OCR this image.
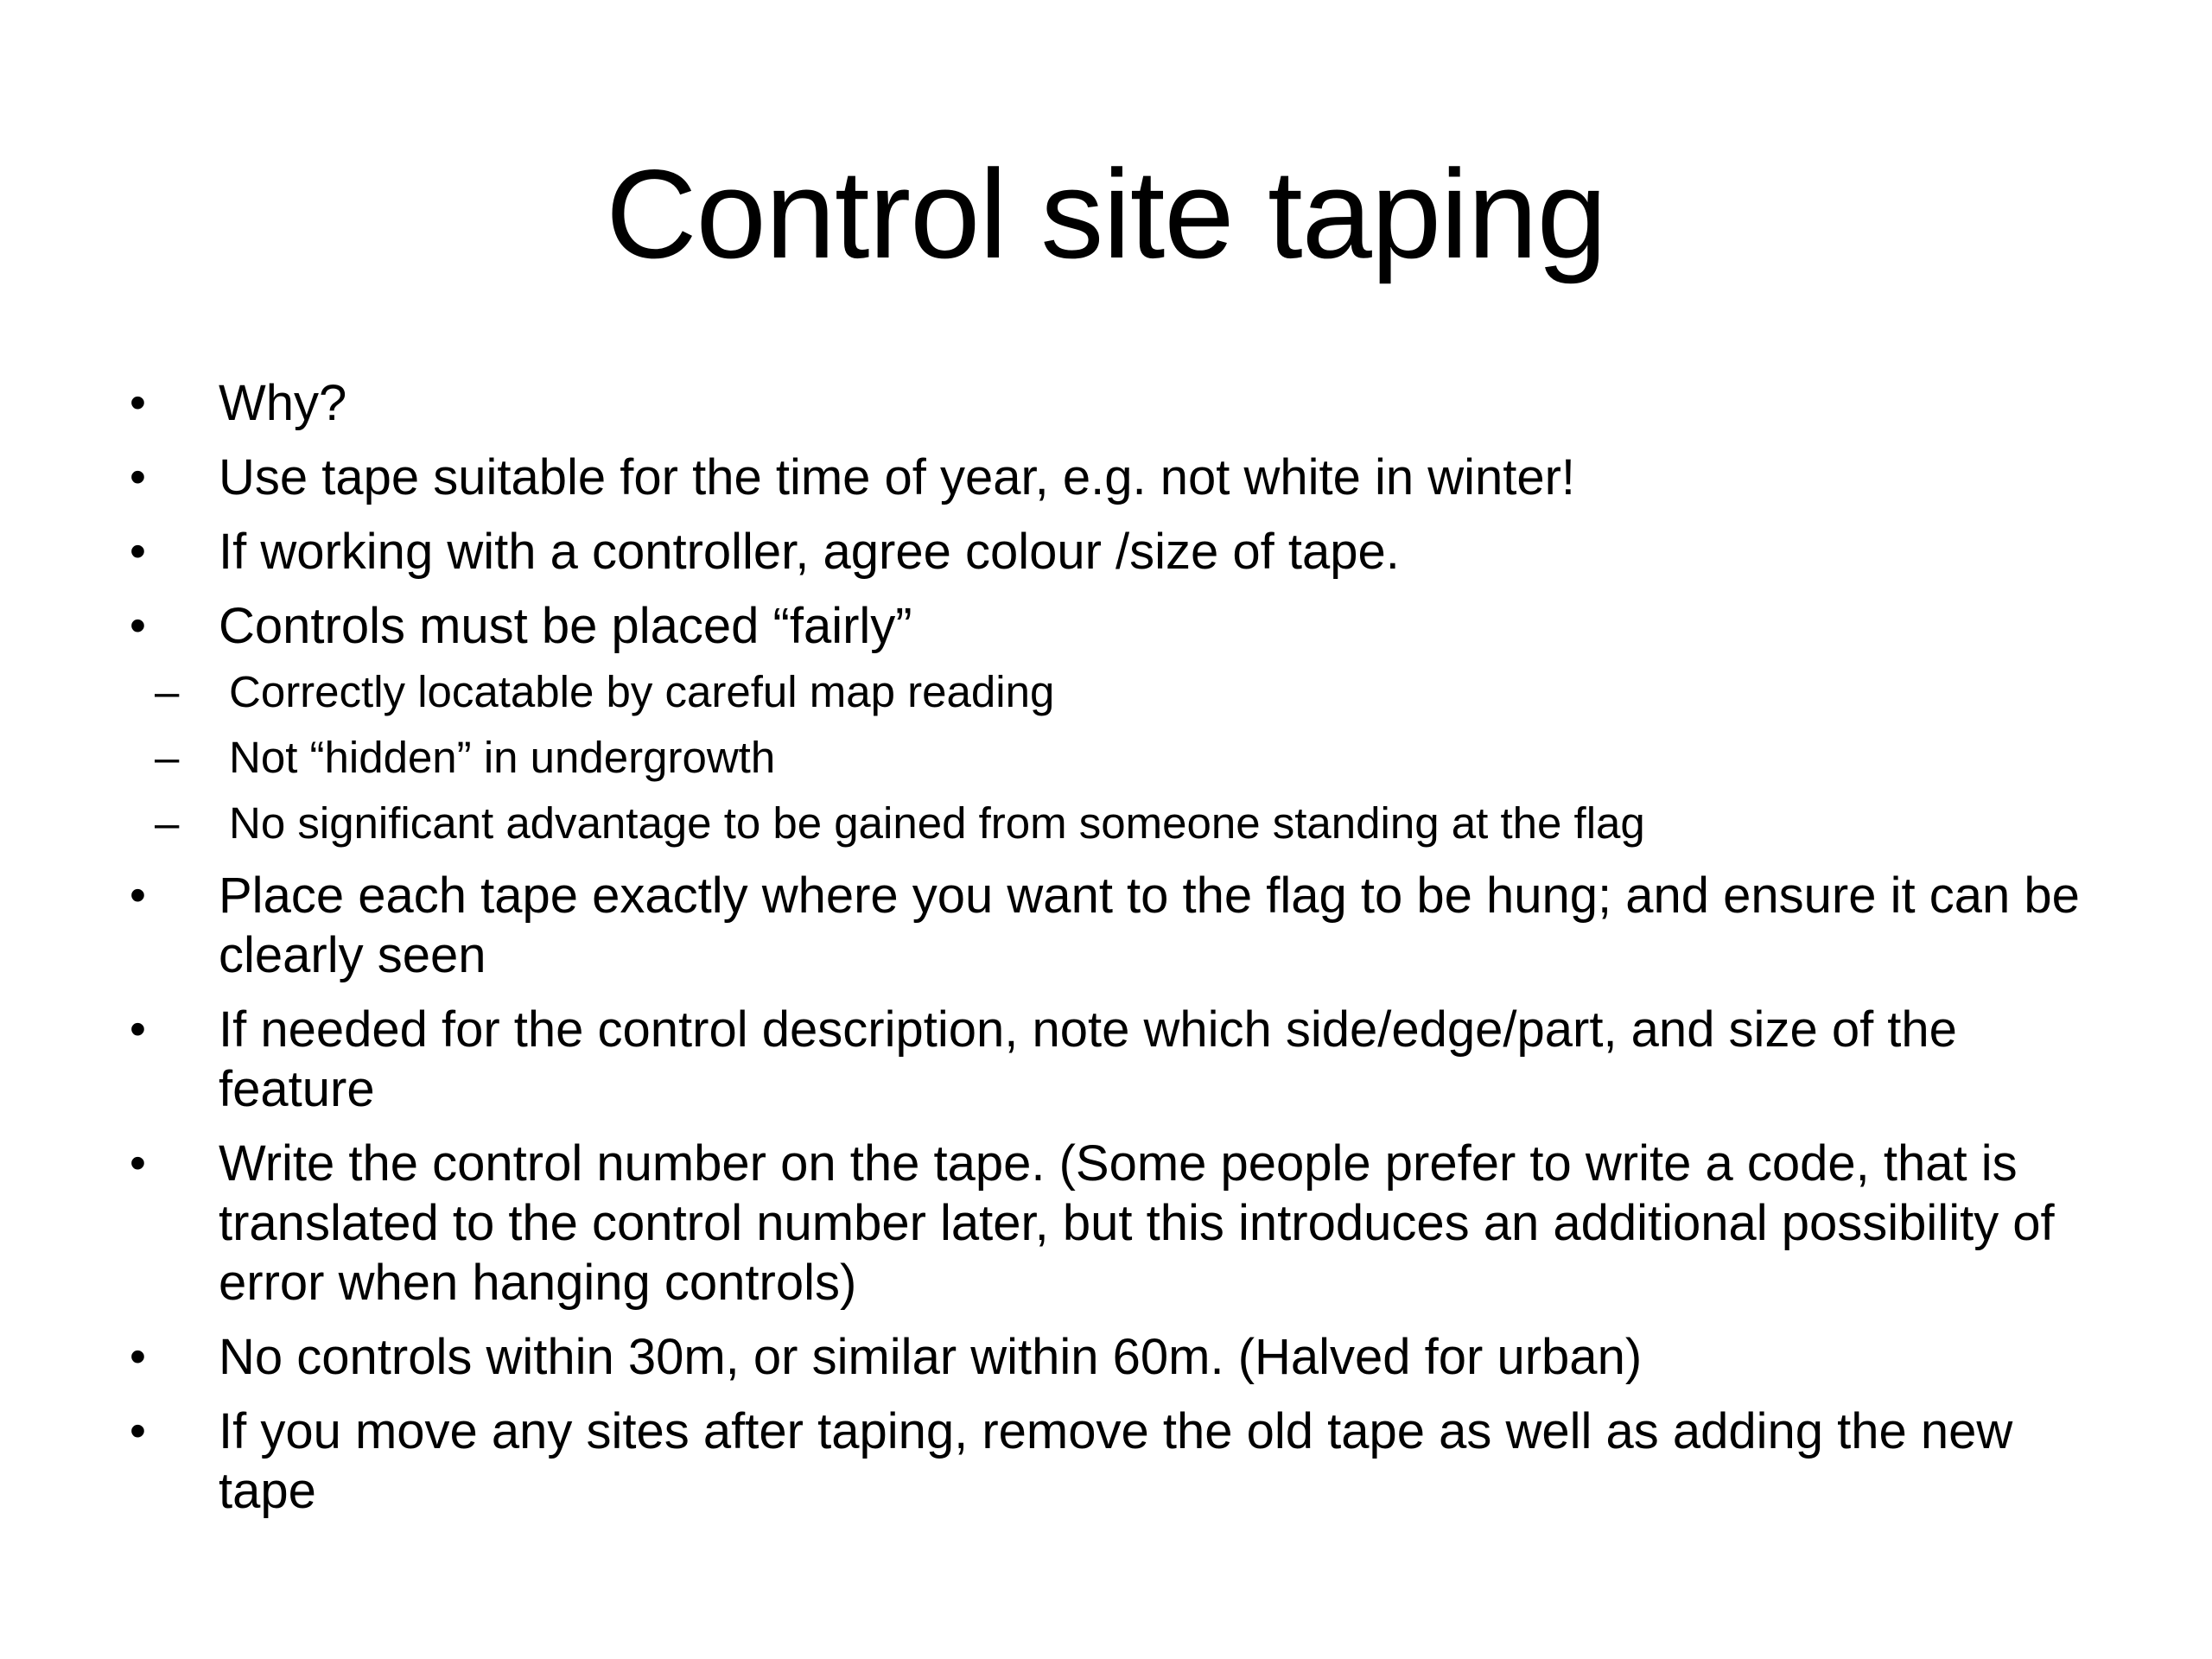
Control site taping
•	Why?
•	Use tape suitable for the time of year, e.g. not white in winter!
•	If working with a controller, agree colour /size of tape.
•	Controls must be placed “fairly”
– Correctly locatable by careful map reading
– Not “hidden” in undergrowth
– No significant advantage to be gained from someone standing at the flag
•	Place each tape exactly where you want to the flag to be hung; and ensure it can be clearly seen
•	If needed for the control description, note which side/edge/part, and size of the feature
•	Write the control number on the tape. (Some people prefer to write a code, that is translated to the control number later, but this introduces an additional possibility of error when hanging controls)
•	No controls within 30m, or similar within 60m. (Halved for urban)
•	If you move any sites after taping, remove the old tape as well as adding the new tape
